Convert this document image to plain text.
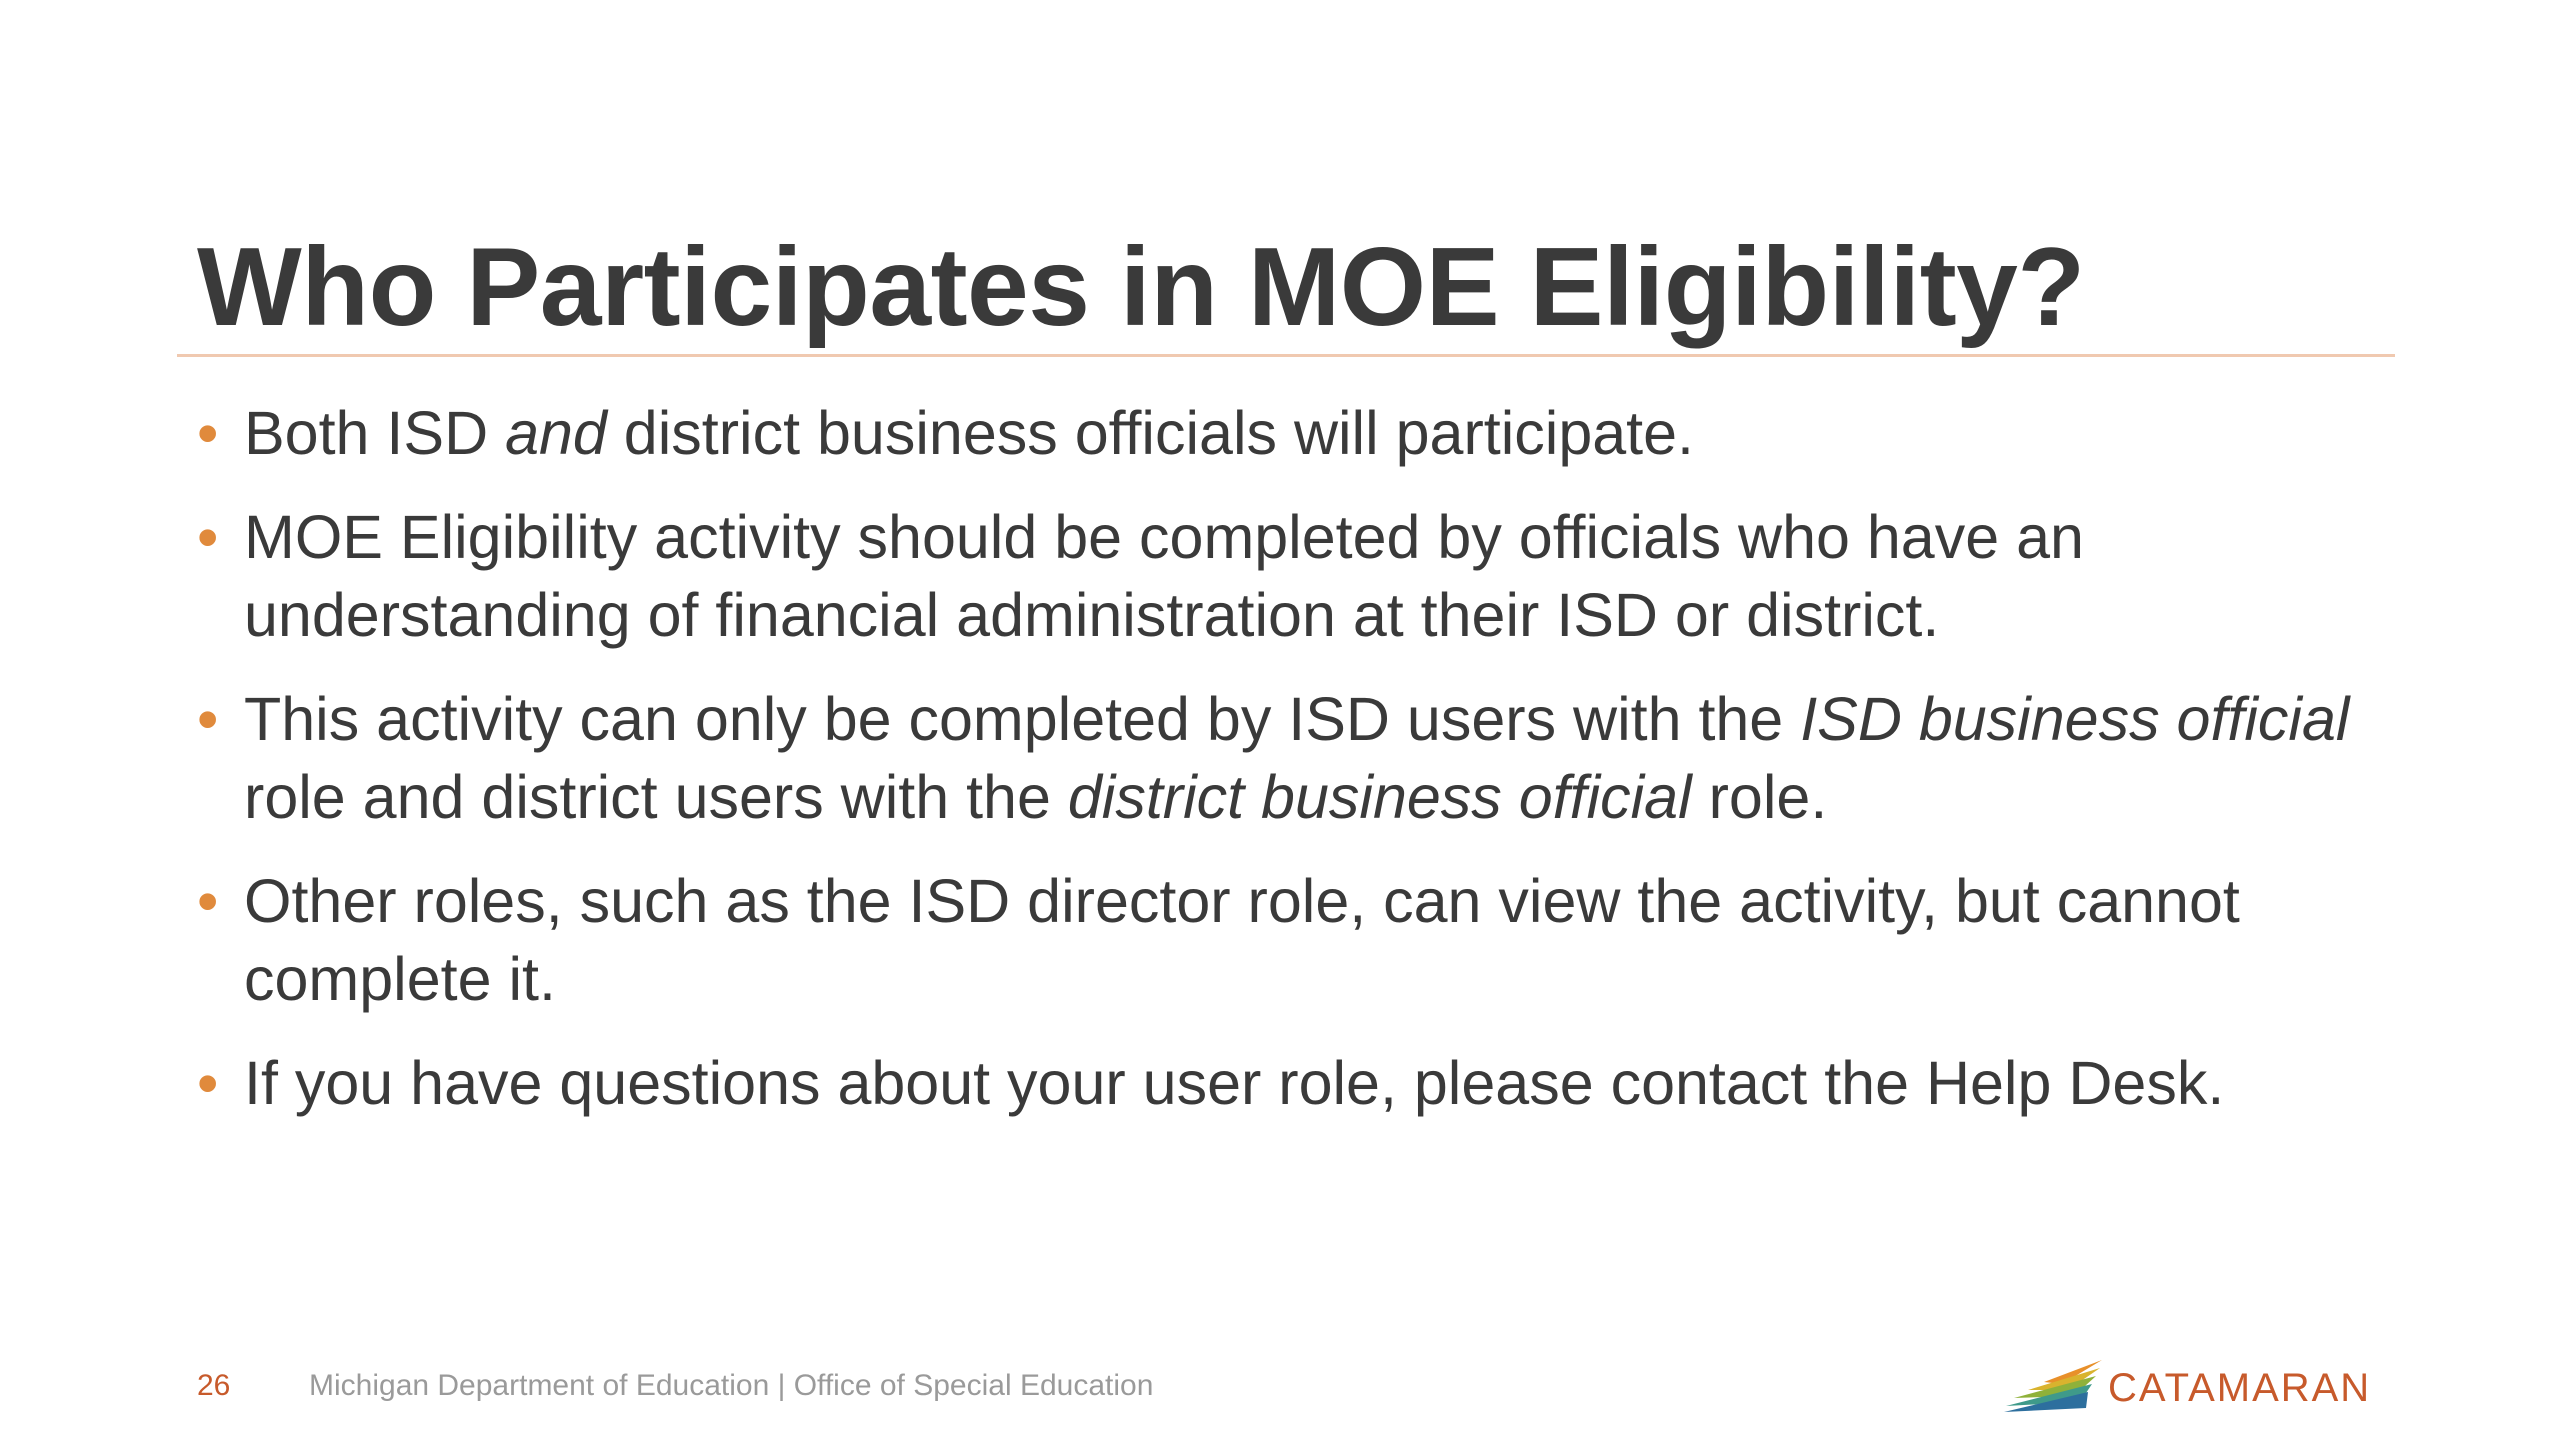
Who Participates in MOE Eligibility?
• Both ISD and district business officials will participate.
• MOE Eligibility activity should be completed by officials who have an understanding of financial administration at their ISD or district.
• This activity can only be completed by ISD users with the ISD business official role and district users with the district business official role.
• Other roles, such as the ISD director role, can view the activity, but cannot complete it.
• If you have questions about your user role, please contact the Help Desk.
26	Michigan Department of Education | Office of Special Education	CATAMARAN
